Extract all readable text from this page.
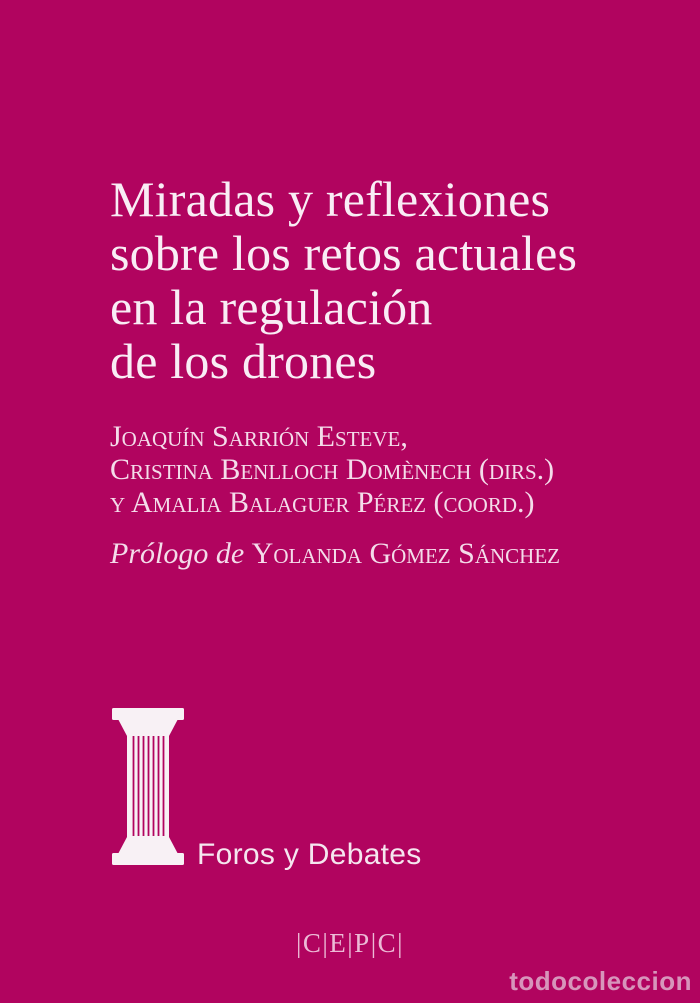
Miradas y reflexiones
sobre los retos actuales
en la regulación
de los drones
Joaquín Sarrión Esteve,
Cristina Benlloch Domènech (dirs.)
y Amalia Balaguer Pérez (coord.)
Prólogo de Yolanda Gómez Sánchez
Foros y Debates
|C|E|P|C|
todocoleccion
